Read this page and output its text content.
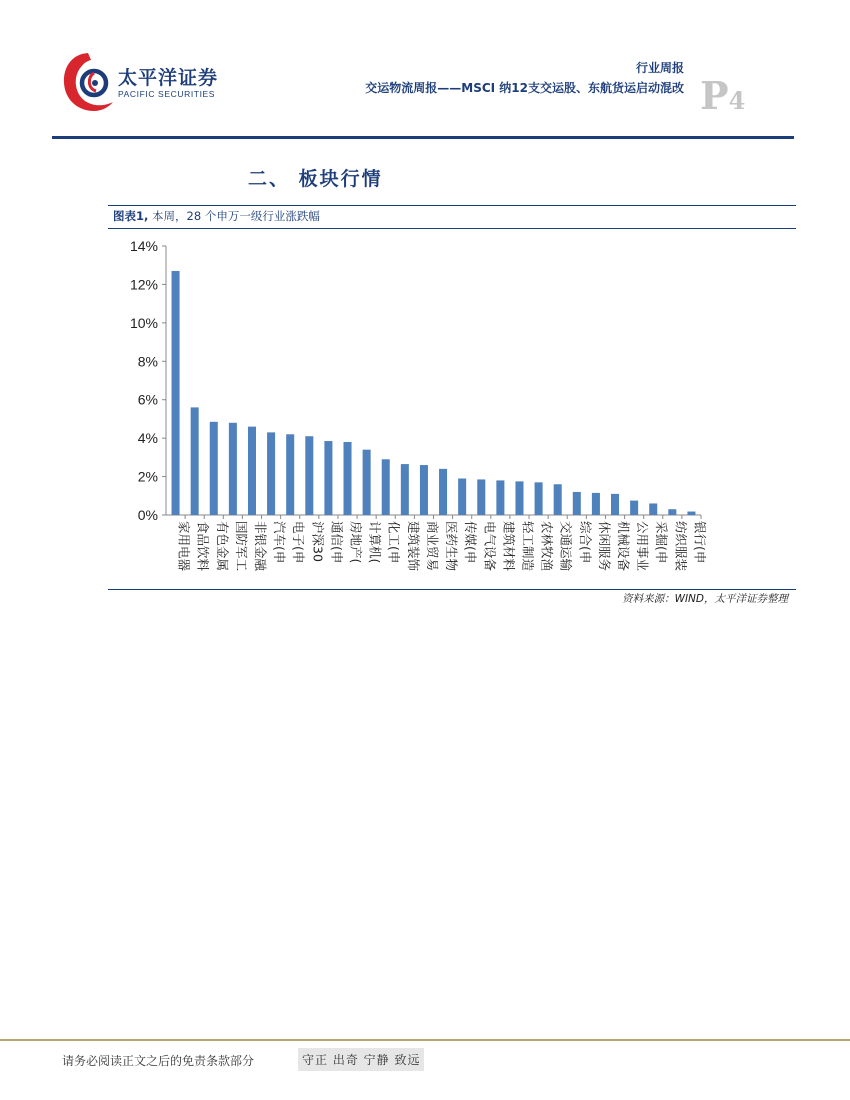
太平洋证券
PACIFIC SECURITIES
行业周报
交运物流周报——MSCI 纳12支交运股、东航货运启动混改 P4
二、 板块行情
图表1, 本周，28 个申万一级行业涨跌幅
0%
2%
4%
6%
8%
10%
12%
14%
家用电器 食品饮料 有色金属 国防军工 非银金融 汽车(申 电子(申 沪深30 通信(申 房地产( 计算机( 化工(申 建筑装饰 商业贸易 医药生物 传媒(申 电气设备 建筑材料 轻工制造 农林牧渔 交通运输 综合(申 休闲服务 机械设备 公用事业 采掘(申 纺织服装 银行(申
资料来源：WIND，太平洋证券整理
请务必阅读正文之后的免责条款部分	守正 出奇 宁静 致远
